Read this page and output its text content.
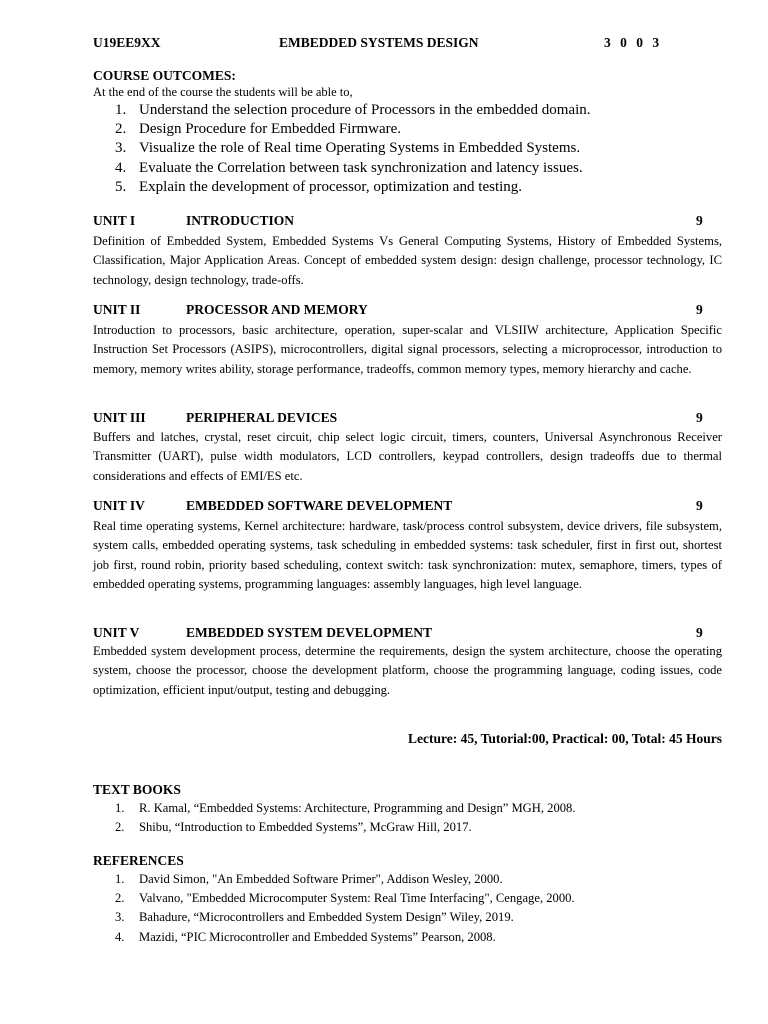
U19EE9XX	EMBEDDED SYSTEMS DESIGN	3 0 0 3
COURSE OUTCOMES:
At the end of the course the students will be able to,
1. Understand the selection procedure of Processors in the embedded domain.
2. Design Procedure for Embedded Firmware.
3. Visualize the role of Real time Operating Systems in Embedded Systems.
4. Evaluate the Correlation between task synchronization and latency issues.
5. Explain the development of processor, optimization and testing.
UNIT I	INTRODUCTION	9

Definition of Embedded System, Embedded Systems Vs General Computing Systems, History of Embedded Systems, Classification, Major Application Areas. Concept of embedded system design: design challenge, processor technology, IC technology, design technology, trade-offs.

UNIT II	PROCESSOR AND MEMORY	9

Introduction to processors, basic architecture, operation, super-scalar and VLSIIW architecture, Application Specific Instruction Set Processors (ASIPS), microcontrollers, digital signal processors, selecting a microprocessor, introduction to memory, memory writes ability, storage performance, tradeoffs, common memory types, memory hierarchy and cache.

UNIT III	PERIPHERAL DEVICES	9

Buffers and latches, crystal, reset circuit, chip select logic circuit, timers, counters, Universal Asynchronous Receiver Transmitter (UART), pulse width modulators, LCD controllers, keypad controllers, design tradeoffs due to thermal considerations and effects of EMI/ES etc.

UNIT IV	EMBEDDED SOFTWARE DEVELOPMENT	9

Real time operating systems, Kernel architecture: hardware, task/process control subsystem, device drivers, file subsystem, system calls, embedded operating systems, task scheduling in embedded systems: task scheduler, first in first out, shortest job first, round robin, priority based scheduling, context switch: task synchronization: mutex, semaphore, timers, types of embedded operating systems, programming languages: assembly languages, high level language.

UNIT V	EMBEDDED SYSTEM DEVELOPMENT	9

Embedded system development process, determine the requirements, design the system architecture, choose the operating system, choose the processor, choose the development platform, choose the programming language, coding issues, code optimization, efficient input/output, testing and debugging.

Lecture: 45, Tutorial:00, Practical: 00, Total: 45 Hours
TEXT BOOKS
1. R. Kamal, “Embedded Systems: Architecture, Programming and Design” MGH, 2008.
2. Shibu, “Introduction to Embedded Systems”, McGraw Hill, 2017.
REFERENCES
1. David Simon, "An Embedded Software Primer", Addison Wesley, 2000.
2. Valvano, "Embedded Microcomputer System: Real Time Interfacing", Cengage, 2000.
3. Bahadure, “Microcontrollers and Embedded System Design” Wiley, 2019.
4. Mazidi, “PIC Microcontroller and Embedded Systems” Pearson, 2008.
